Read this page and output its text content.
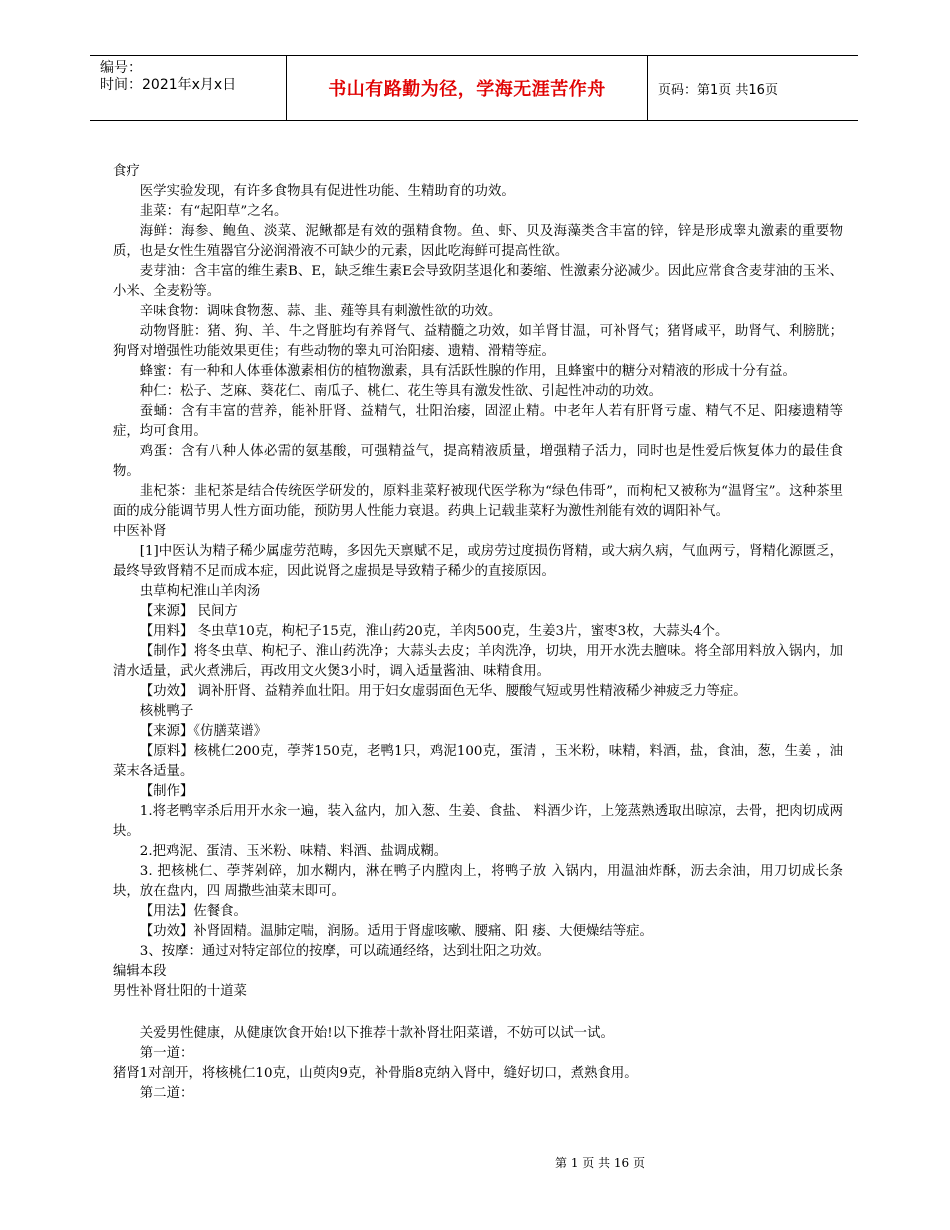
编号：
时间：2021年x月x日	书山有路勤为径，学海无涯苦作舟	页码：第1页 共16页

食疗

医学实验发现，有许多食物具有促进性功能、生精助育的功效。

韭菜：有“起阳草”之名。

海鲜：海参、鲍鱼、淡菜、泥鳅都是有效的强精食物。鱼、虾、贝及海藻类含丰富的锌，锌是形成睾丸激素的重要物质，也是女性生殖器官分泌润滑液不可缺少的元素，因此吃海鲜可提高性欲。

麦芽油：含丰富的维生素B、E，缺乏维生素E会导致阴茎退化和萎缩、性激素分泌减少。因此应常食含麦芽油的玉米、小米、全麦粉等。

辛味食物：调味食物葱、蒜、韭、薤等具有刺激性欲的功效。

动物肾脏：猪、狗、羊、牛之肾脏均有养肾气、益精髓之功效，如羊肾甘温，可补肾气；猪肾咸平，助肾气、利膀胱；狗肾对增强性功能效果更佳；有些动物的睾丸可治阳痿、遗精、滑精等症。

蜂蜜：有一种和人体垂体激素相仿的植物激素，具有活跃性腺的作用，且蜂蜜中的糖分对精液的形成十分有益。

种仁：松子、芝麻、葵花仁、南瓜子、桃仁、花生等具有激发性欲、引起性冲动的功效。

蚕蛹：含有丰富的营养，能补肝肾、益精气，壮阳治痿，固涩止精。中老年人若有肝肾亏虚、精气不足、阳痿遗精等症，均可食用。

鸡蛋：含有八种人体必需的氨基酸，可强精益气，提高精液质量，增强精子活力，同时也是性爱后恢复体力的最佳食物。

韭杞茶：韭杞茶是结合传统医学研发的，原料韭菜籽被现代医学称为“绿色伟哥”，而枸杞又被称为“温肾宝”。这种茶里面的成分能调节男人性方面功能，预防男人性能力衰退。药典上记载韭菜籽为激性剂能有效的调阳补气。

中医补肾

[1]中医认为精子稀少属虚劳范畴，多因先天禀赋不足，或房劳过度损伤肾精，或大病久病，气血两亏，肾精化源匮乏，最终导致肾精不足而成本症，因此说肾之虚损是导致精子稀少的直接原因。

虫草枸杞淮山羊肉汤

【来源】 民间方

【用料】 冬虫草10克，枸杞子15克，淮山药20克，羊肉500克，生姜3片，蜜枣3枚，大蒜头4个。

【制作】将冬虫草、枸杞子、淮山药洗净；大蒜头去皮；羊肉洗净，切块，用开水洗去膻味。将全部用料放入锅内，加清水适量，武火煮沸后，再改用文火煲3小时，调入适量酱油、味精食用。

【功效】 调补肝肾、益精养血壮阳。用于妇女虚弱面色无华、腰酸气短或男性精液稀少神疲乏力等症。

核桃鸭子

【来源】《仿膳菜谱》

【原料】核桃仁200克，荸荠150克，老鸭1只，鸡泥100克，蛋清 ，玉米粉，味精，料酒，盐，食油，葱，生姜 ，油菜末各适量。

【制作】

1.将老鸭宰杀后用开水汆一遍，装入盆内，加入葱、生姜、食盐、 料酒少许，上笼蒸熟透取出晾凉，去骨，把肉切成两块。

2.把鸡泥、蛋清、玉米粉、味精、料酒、盐调成糊。

3. 把核桃仁、荸荠剁碎，加水糊内，淋在鸭子内膛肉上，将鸭子放 入锅内，用温油炸酥，沥去余油，用刀切成长条块，放在盘内，四 周撒些油菜末即可。

【用法】佐餐食。

【功效】补肾固精。温肺定喘，润肠。适用于肾虚咳嗽、腰痛、阳 痿、大便燥结等症。

3、按摩：通过对特定部位的按摩，可以疏通经络，达到壮阳之功效。

编辑本段

男性补肾壮阳的十道菜

关爱男性健康，从健康饮食开始!以下推荐十款补肾壮阳菜谱，不妨可以试一试。

第一道：

猪肾1对剖开，将核桃仁10克，山萸肉9克，补骨脂8克纳入肾中，缝好切口，煮熟食用。

第二道：

第 1 页 共 16 页
